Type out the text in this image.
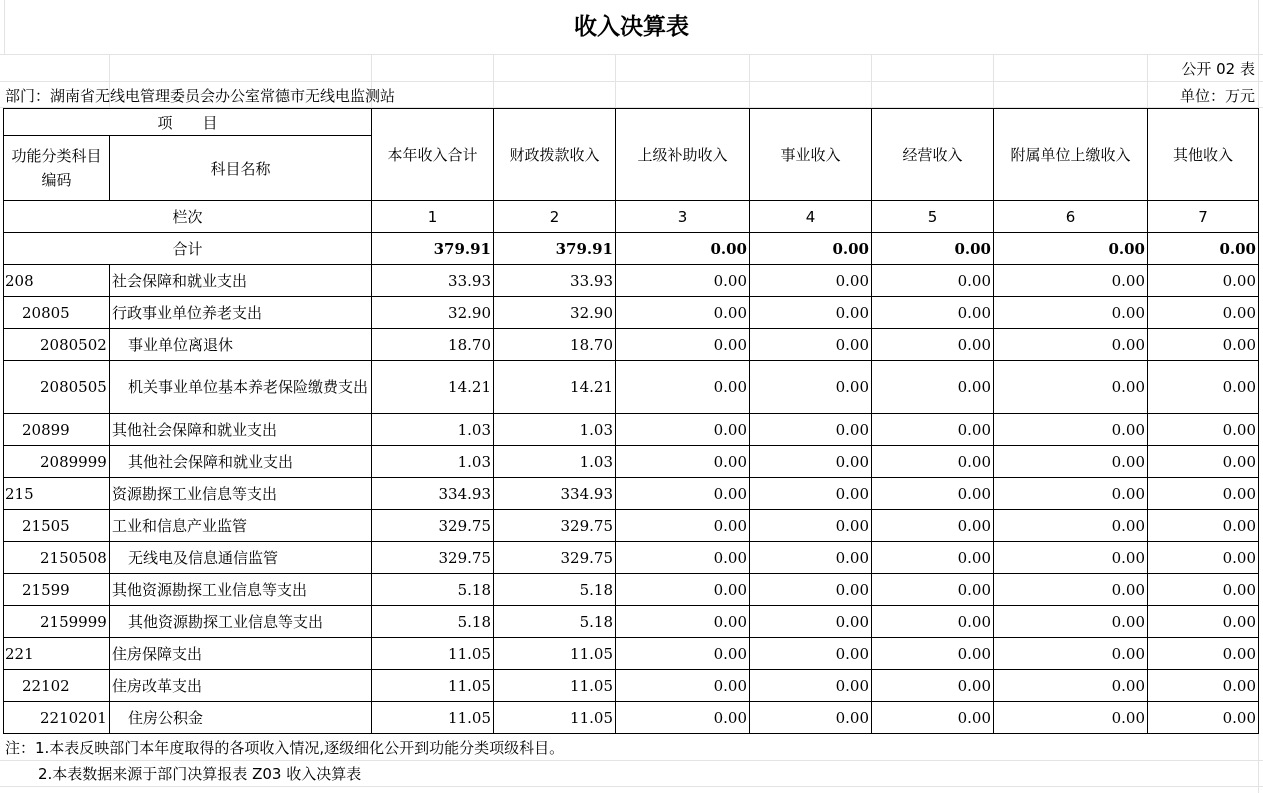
收入决算表
公开 02 表
部门：湖南省无线电管理委员会办公室常德市无线电监测站	单位：万元
项　　目		本年收入合计	财政拨款收入	上级补助收入	事业收入	经营收入	附属单位上缴收入	其他收入
功能分类科目编码	科目名称							
栏次		1	2	3	4	5	6	7
合计		379.91	379.91	0.00	0.00	0.00	0.00	0.00
208	社会保障和就业支出	33.93	33.93	0.00	0.00	0.00	0.00	0.00
20805	行政事业单位养老支出	32.90	32.90	0.00	0.00	0.00	0.00	0.00
2080502	事业单位离退休	18.70	18.70	0.00	0.00	0.00	0.00	0.00
2080505	机关事业单位基本养老保险缴费支出	14.21	14.21	0.00	0.00	0.00	0.00	0.00
20899	其他社会保障和就业支出	1.03	1.03	0.00	0.00	0.00	0.00	0.00
2089999	其他社会保障和就业支出	1.03	1.03	0.00	0.00	0.00	0.00	0.00
215	资源勘探工业信息等支出	334.93	334.93	0.00	0.00	0.00	0.00	0.00
21505	工业和信息产业监管	329.75	329.75	0.00	0.00	0.00	0.00	0.00
2150508	无线电及信息通信监管	329.75	329.75	0.00	0.00	0.00	0.00	0.00
21599	其他资源勘探工业信息等支出	5.18	5.18	0.00	0.00	0.00	0.00	0.00
2159999	其他资源勘探工业信息等支出	5.18	5.18	0.00	0.00	0.00	0.00	0.00
221	住房保障支出	11.05	11.05	0.00	0.00	0.00	0.00	0.00
22102	住房改革支出	11.05	11.05	0.00	0.00	0.00	0.00	0.00
2210201	住房公积金	11.05	11.05	0.00	0.00	0.00	0.00	0.00
注：1.本表反映部门本年度取得的各项收入情况,逐级细化公开到功能分类项级科目。
2.本表数据来源于部门决算报表 Z03 收入决算表
